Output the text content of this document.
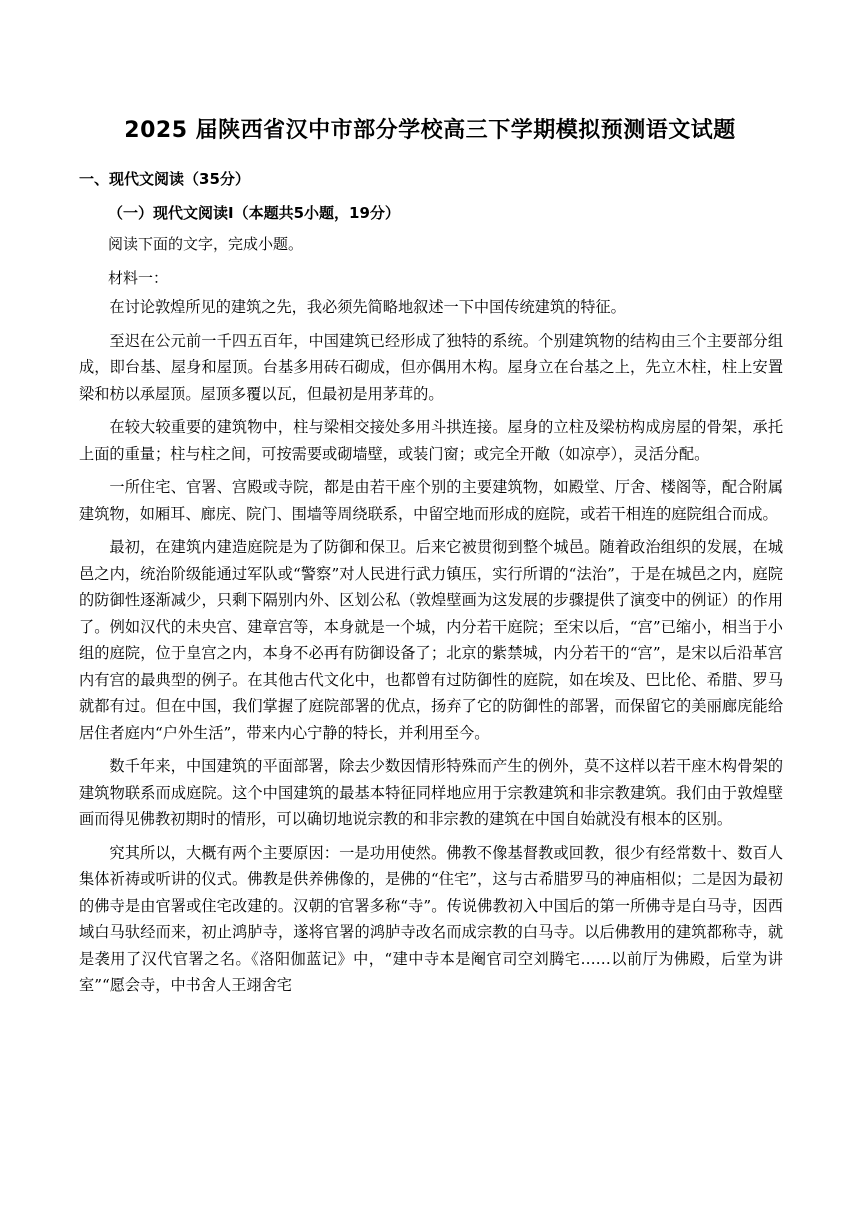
2025 届陕西省汉中市部分学校高三下学期模拟预测语文试题
一、现代文阅读（35分）
（一）现代文阅读Ⅰ（本题共5小题，19分）
阅读下面的文字，完成小题。
材料一：

在讨论敦煌所见的建筑之先，我必须先简略地叙述一下中国传统建筑的特征。

至迟在公元前一千四五百年，中国建筑已经形成了独特的系统。个别建筑物的结构由三个主要部分组成，即台基、屋身和屋顶。台基多用砖石砌成，但亦偶用木构。屋身立在台基之上，先立木柱，柱上安置梁和枋以承屋顶。屋顶多覆以瓦，但最初是用茅茸的。

在较大较重要的建筑物中，柱与梁相交接处多用斗拱连接。屋身的立柱及梁枋构成房屋的骨架，承托上面的重量；柱与柱之间，可按需要或砌墙壁，或装门窗；或完全开敞（如凉亭），灵活分配。

一所住宅、官署、宫殿或寺院，都是由若干座个别的主要建筑物，如殿堂、厅舍、楼阁等，配合附属建筑物，如厢耳、廊庑、院门、围墙等周绕联系，中留空地而形成的庭院，或若干相连的庭院组合而成。

最初，在建筑内建造庭院是为了防御和保卫。后来它被贯彻到整个城邑。随着政治组织的发展，在城邑之内，统治阶级能通过军队或“警察”对人民进行武力镇压，实行所谓的“法治”，于是在城邑之内，庭院的防御性逐渐减少，只剩下隔别内外、区划公私（敦煌壁画为这发展的步骤提供了演变中的例证）的作用了。例如汉代的未央宫、建章宫等，本身就是一个城，内分若干庭院；至宋以后，“宫”已缩小，相当于小组的庭院，位于皇宫之内，本身不必再有防御设备了；北京的紫禁城，内分若干的“宫”，是宋以后沿革宫内有宫的最典型的例子。在其他古代文化中，也都曾有过防御性的庭院，如在埃及、巴比伦、希腊、罗马就都有过。但在中国，我们掌握了庭院部署的优点，扬弃了它的防御性的部署，而保留它的美丽廊庑能给居住者庭内“户外生活”，带来内心宁静的特长，并利用至今。

数千年来，中国建筑的平面部署，除去少数因情形特殊而产生的例外，莫不这样以若干座木构骨架的建筑物联系而成庭院。这个中国建筑的最基本特征同样地应用于宗教建筑和非宗教建筑。我们由于敦煌壁画而得见佛教初期时的情形，可以确切地说宗教的和非宗教的建筑在中国自始就没有根本的区别。

究其所以，大概有两个主要原因：一是功用使然。佛教不像基督教或回教，很少有经常数十、数百人集体祈祷或听讲的仪式。佛教是供养佛像的，是佛的“住宅”，这与古希腊罗马的神庙相似；二是因为最初的佛寺是由官署或住宅改建的。汉朝的官署多称“寺”。传说佛教初入中国后的第一所佛寺是白马寺，因西域白马驮经而来，初止鸿胪寺，遂将官署的鸿胪寺改名而成宗教的白马寺。以后佛教用的建筑都称寺，就是袭用了汉代官署之名。《洛阳伽蓝记》中，“建中寺本是阉官司空刘腾宅……以前厅为佛殿，后堂为讲室”“愿会寺，中书舍人王翊舍宅
